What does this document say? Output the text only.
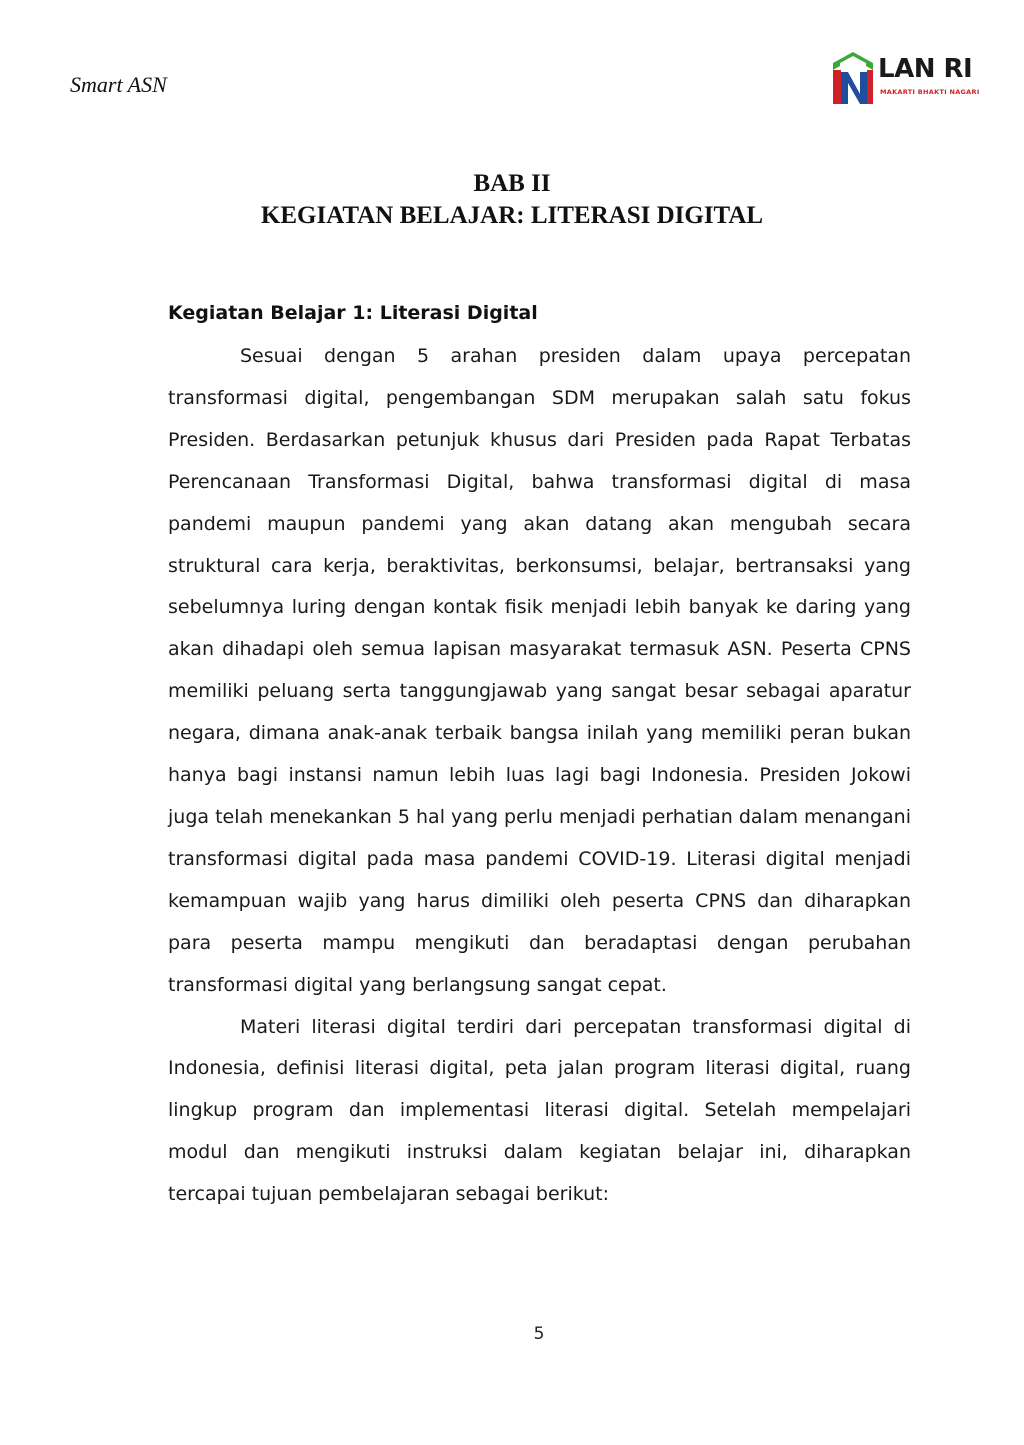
Smart ASN
LAN RI
MAKARTI BHAKTI NAGARI
BAB II
KEGIATAN BELAJAR: LITERASI DIGITAL
Kegiatan Belajar 1: Literasi Digital

Sesuai dengan 5 arahan presiden dalam upaya percepatan transformasi digital, pengembangan SDM merupakan salah satu fokus Presiden. Berdasarkan petunjuk khusus dari Presiden pada Rapat Terbatas Perencanaan Transformasi Digital, bahwa transformasi digital di masa pandemi maupun pandemi yang akan datang akan mengubah secara struktural cara kerja, beraktivitas, berkonsumsi, belajar, bertransaksi yang sebelumnya luring dengan kontak fisik menjadi lebih banyak ke daring yang akan dihadapi oleh semua lapisan masyarakat termasuk ASN. Peserta CPNS memiliki peluang serta tanggungjawab yang sangat besar sebagai aparatur negara, dimana anak-anak terbaik bangsa inilah yang memiliki peran bukan hanya bagi instansi namun lebih luas lagi bagi Indonesia. Presiden Jokowi juga telah menekankan 5 hal yang perlu menjadi perhatian dalam menangani transformasi digital pada masa pandemi COVID-19. Literasi digital menjadi kemampuan wajib yang harus dimiliki oleh peserta CPNS dan diharapkan para peserta mampu mengikuti dan beradaptasi dengan perubahan transformasi digital yang berlangsung sangat cepat.

Materi literasi digital terdiri dari percepatan transformasi digital di Indonesia, definisi literasi digital, peta jalan program literasi digital, ruang lingkup program dan implementasi literasi digital. Setelah mempelajari modul dan mengikuti instruksi dalam kegiatan belajar ini, diharapkan tercapai tujuan pembelajaran sebagai berikut:

5
